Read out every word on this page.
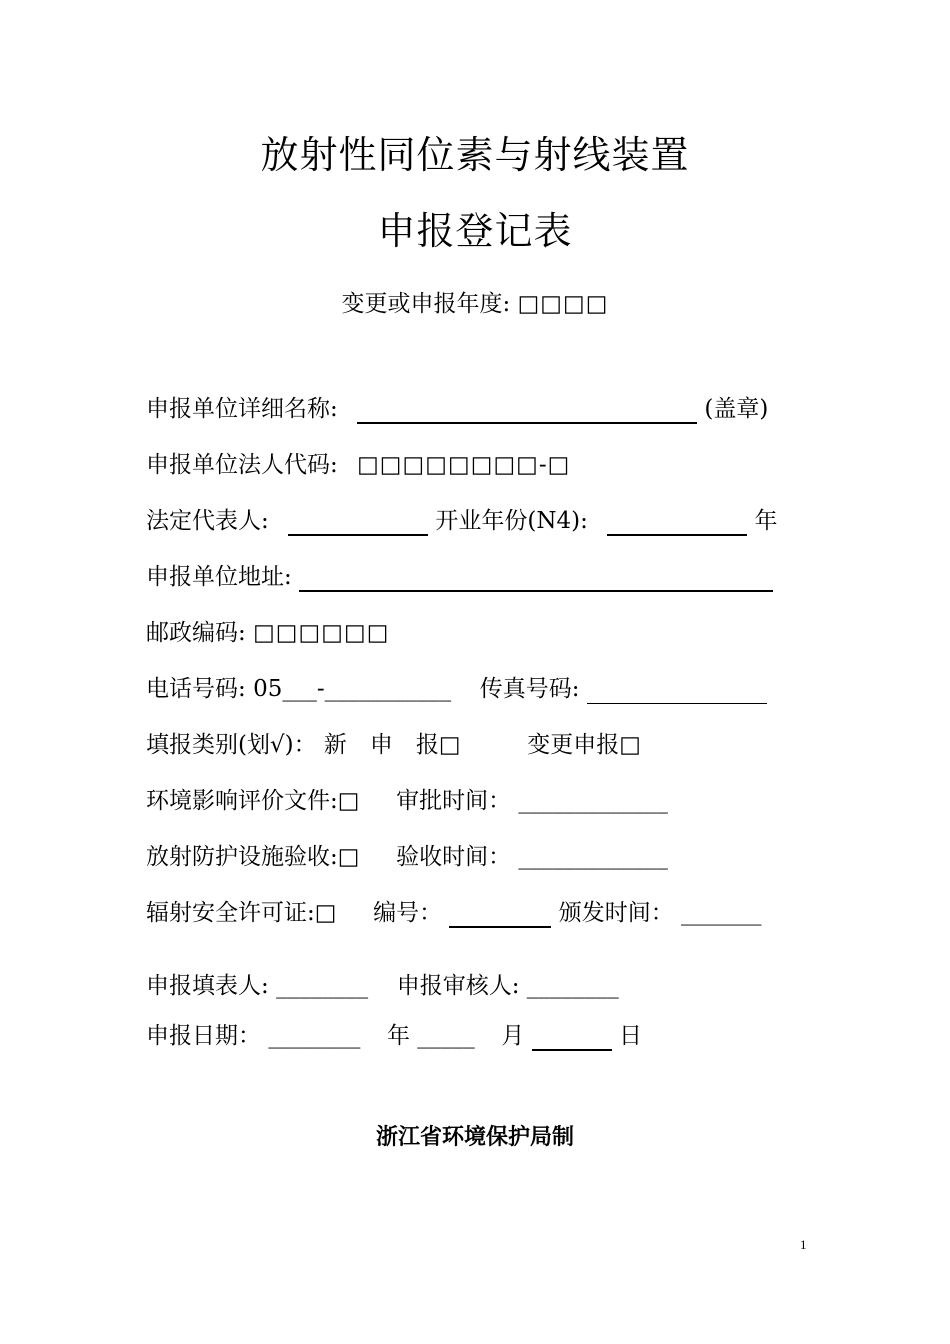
放射性同位素与射线装置
申报登记表
变更或申报年度: □□□□
申报单位详细名称:	(盖章)
申报单位法人代码: □□□□□□□□-□
法定代表人:	开业年份(N4):	年
申报单位地址:
邮政编码: □□□□□□
电话号码: 05___-___________ 传真号码:
填报类别(划√)： 新　申　报□	变更申报□
环境影响评价文件:□ 审批时间： _____________
放射防护设施验收:□ 验收时间： _____________
辐射安全许可证:□ 编号：	颁发时间： _______
申报填表人: ________ 申报审核人: ________
申报日期： ________ 年 _____ 月	日
浙江省环境保护局制
1
